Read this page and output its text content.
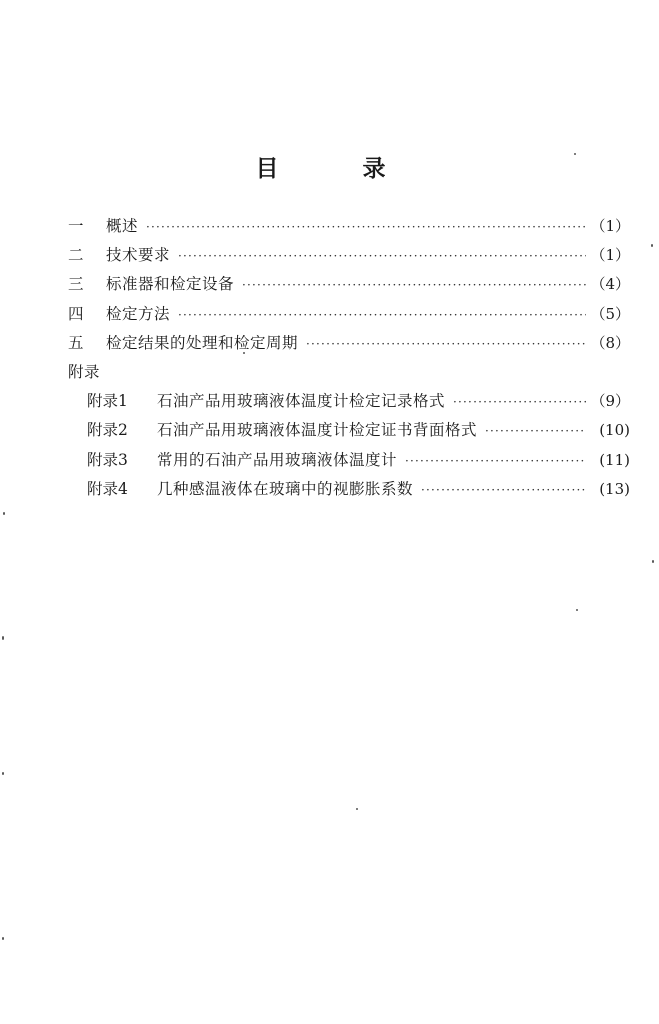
目 录
一	概述 ·····	（1）
二	技术要求 ·····	（1）
三	标准器和检定设备 ·····	（4）
四	检定方法 ·····	（5）
五	检定结果的处理和检定周期 ·····	（8）
附录
附录1	石油产品用玻璃液体温度计检定记录格式 ·····	（9）
附录2	石油产品用玻璃液体温度计检定证书背面格式 ·····	(10)
附录3	常用的石油产品用玻璃液体温度计 ·····	(11)
附录4	几种感温液体在玻璃中的视膨胀系数 ·····	(13)
